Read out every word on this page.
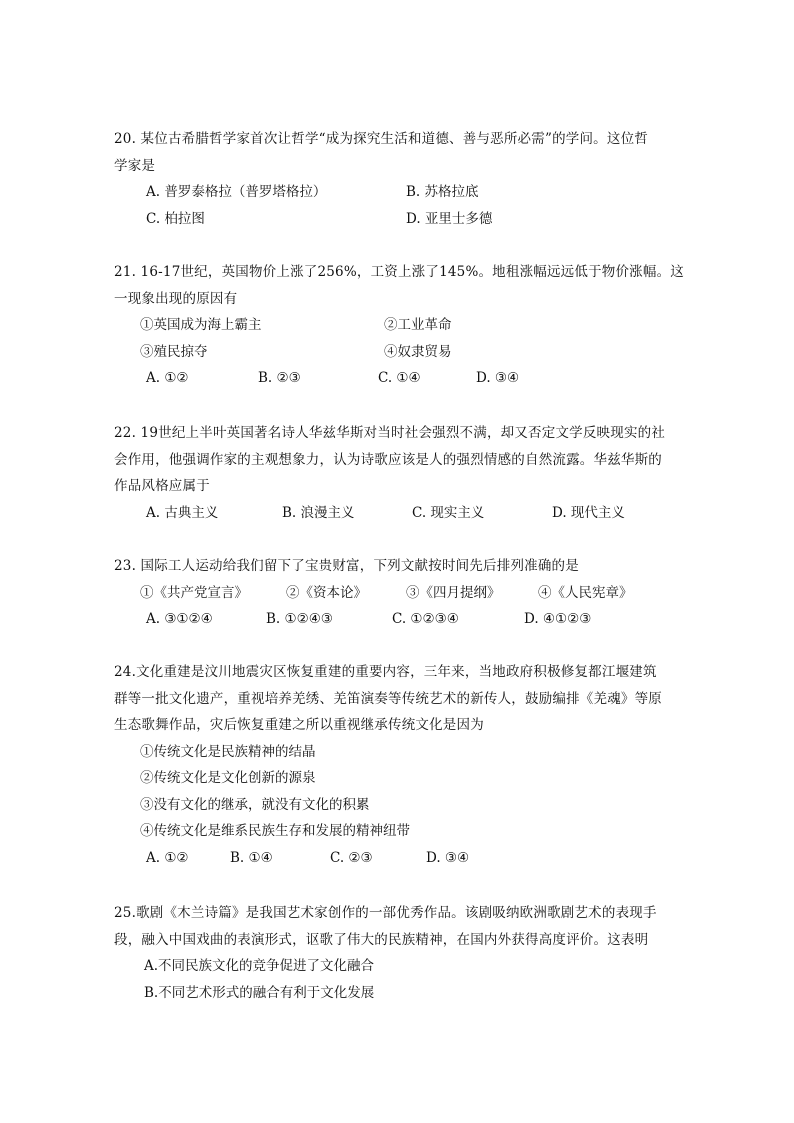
20. 某位古希腊哲学家首次让哲学“成为探究生活和道德、善与恶所必需”的学问。这位哲
学家是
A. 普罗泰格拉（普罗塔格拉）	B. 苏格拉底
C. 柏拉图	D. 亚里士多德
21. 16-17世纪，英国物价上涨了256%，工资上涨了145%。地租涨幅远远低于物价涨幅。这
一现象出现的原因有
①英国成为海上霸主	②工业革命
③殖民掠夺	④奴隶贸易
A. ①②	B. ②③	C. ①④	D. ③④
22. 19世纪上半叶英国著名诗人华兹华斯对当时社会强烈不满，却又否定文学反映现实的社
会作用，他强调作家的主观想象力，认为诗歌应该是人的强烈情感的自然流露。华兹华斯的
作品风格应属于
A. 古典主义	B. 浪漫主义	C. 现实主义	D. 现代主义
23. 国际工人运动给我们留下了宝贵财富，下列文献按时间先后排列准确的是
①《共产党宣言》	②《资本论》	③《四月提纲》	④《人民宪章》
A. ③①②④	B. ①②④③	C. ①②③④	D. ④①②③
24.文化重建是汶川地震灾区恢复重建的重要内容，三年来，当地政府积极修复都江堰建筑
群等一批文化遗产，重视培养羌绣、羌笛演奏等传统艺术的新传人，鼓励编排《羌魂》等原
生态歌舞作品，灾后恢复重建之所以重视继承传统文化是因为
①传统文化是民族精神的结晶
②传统文化是文化创新的源泉
③没有文化的继承，就没有文化的积累
④传统文化是维系民族生存和发展的精神纽带
A. ①②	B. ①④	C. ②③	D. ③④
25.歌剧《木兰诗篇》是我国艺术家创作的一部优秀作品。该剧吸纳欧洲歌剧艺术的表现手
段，融入中国戏曲的表演形式，讴歌了伟大的民族精神，在国内外获得高度评价。这表明
A.不同民族文化的竞争促进了文化融合
B.不同艺术形式的融合有利于文化发展
